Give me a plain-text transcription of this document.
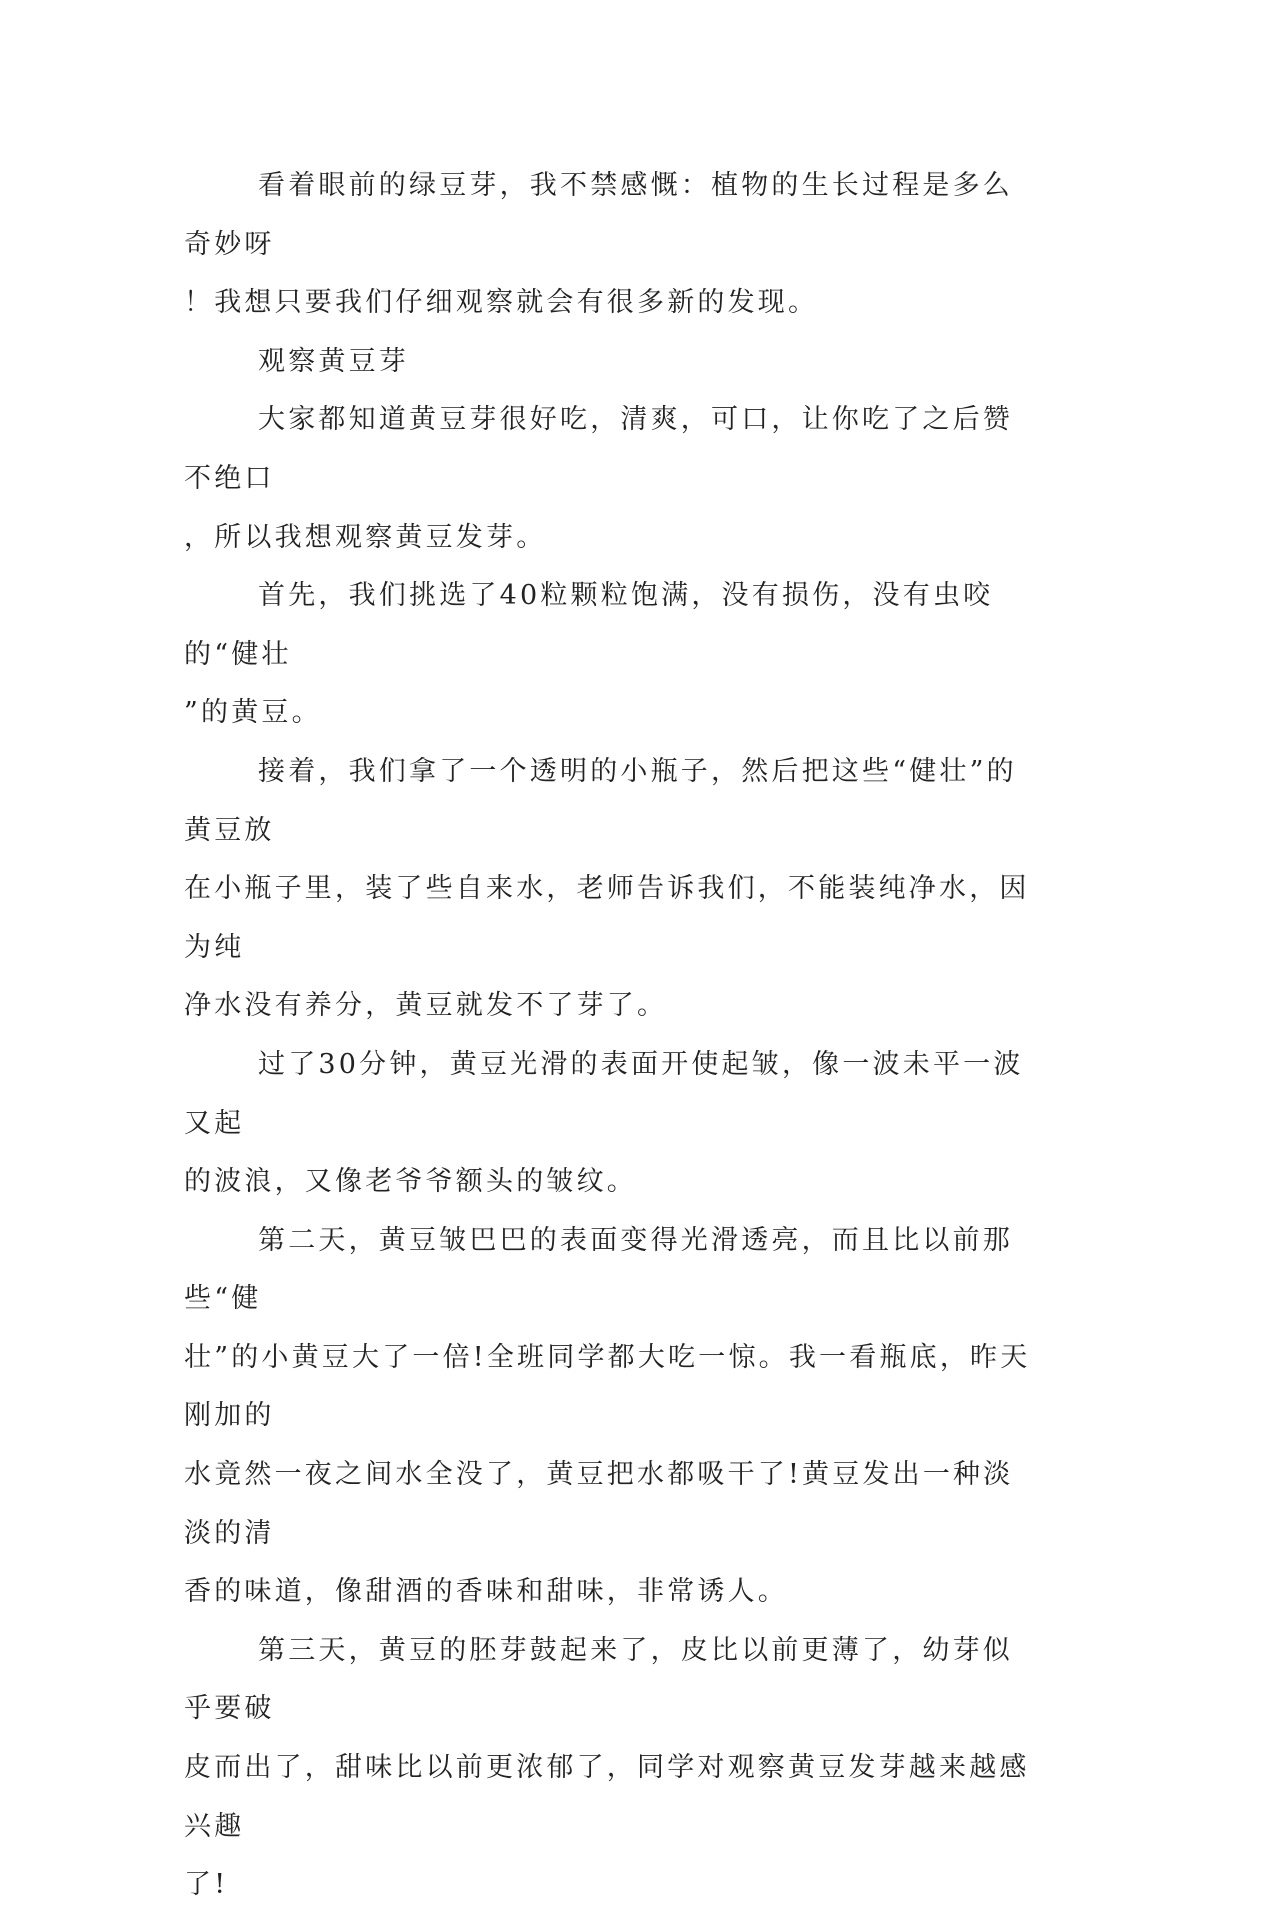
看着眼前的绿豆芽，我不禁感慨：植物的生长过程是多么奇妙呀
！我想只要我们仔细观察就会有很多新的发现。

观察黄豆芽

大家都知道黄豆芽很好吃，清爽，可口，让你吃了之后赞不绝口
，所以我想观察黄豆发芽。

首先，我们挑选了40粒颗粒饱满，没有损伤，没有虫咬的“健壮
”的黄豆。

接着，我们拿了一个透明的小瓶子，然后把这些“健壮”的黄豆放
在小瓶子里，装了些自来水，老师告诉我们，不能装纯净水，因为纯
净水没有养分，黄豆就发不了芽了。

过了30分钟，黄豆光滑的表面开使起皱，像一波未平一波又起
的波浪，又像老爷爷额头的皱纹。

第二天，黄豆皱巴巴的表面变得光滑透亮，而且比以前那些“健
壮”的小黄豆大了一倍!全班同学都大吃一惊。我一看瓶底，昨天刚加的
水竟然一夜之间水全没了，黄豆把水都吸干了!黄豆发出一种淡淡的清
香的味道，像甜酒的香味和甜味，非常诱人。

第三天，黄豆的胚芽鼓起来了，皮比以前更薄了，幼芽似乎要破
皮而出了，甜味比以前更浓郁了，同学对观察黄豆发芽越来越感兴趣
了!
